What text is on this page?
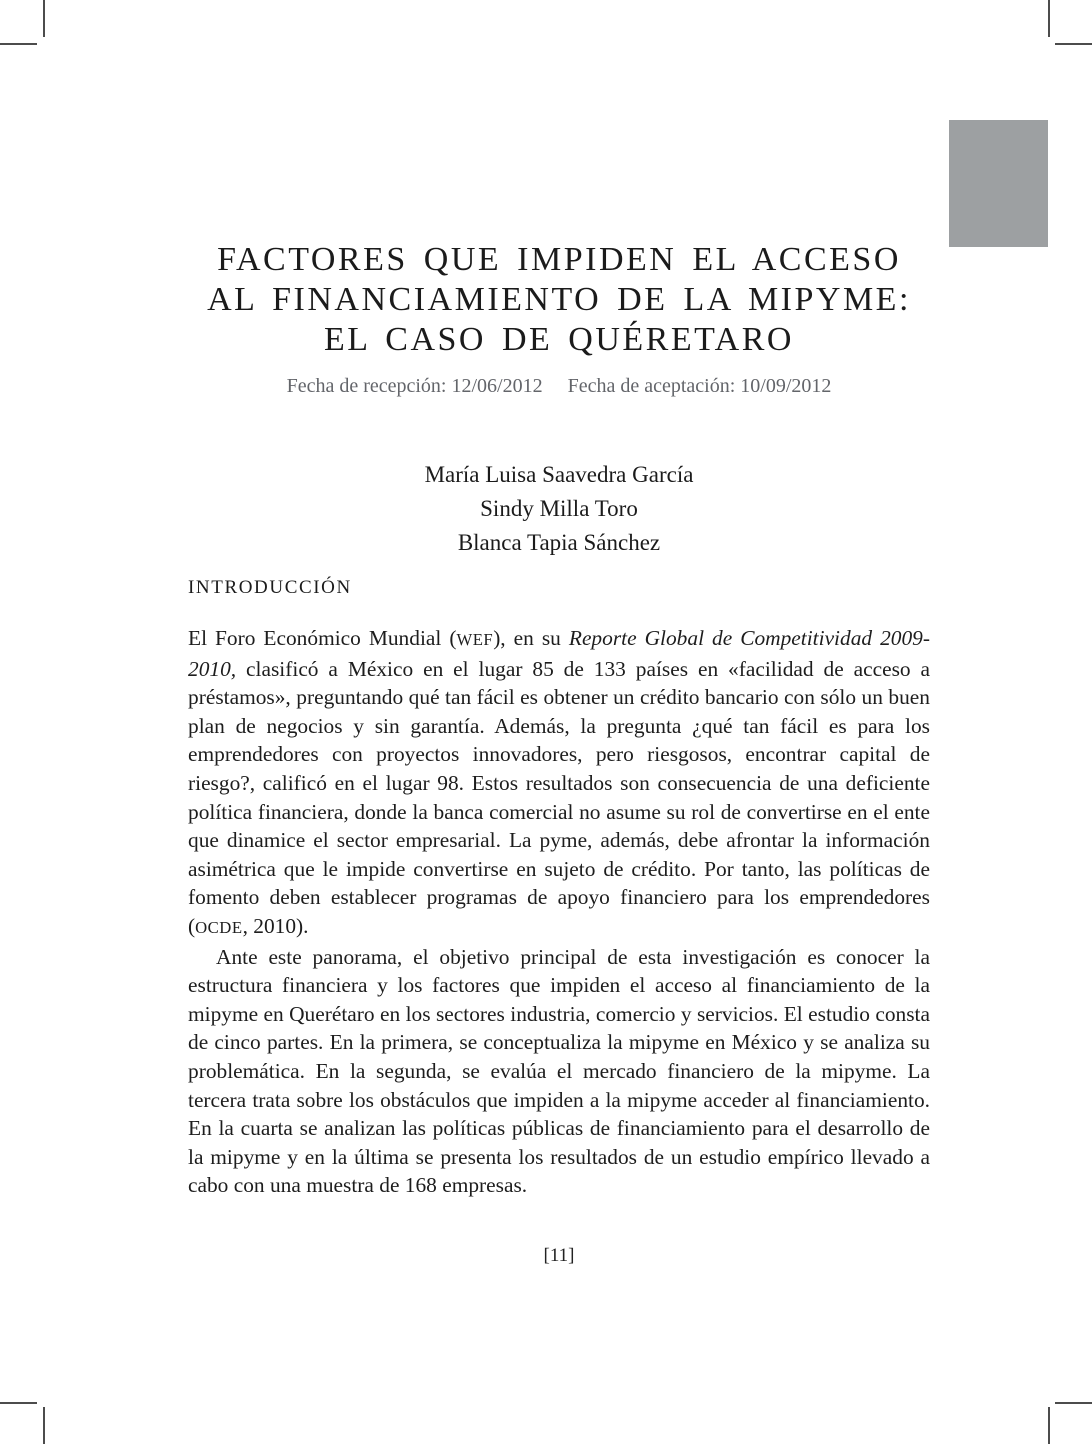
FACTORES QUE IMPIDEN EL ACCESO
AL FINANCIAMIENTO DE LA MIPYME:
EL CASO DE QUÉRETARO

Fecha de recepción: 12/06/2012 Fecha de aceptación: 10/09/2012

María Luisa Saavedra García
Sindy Milla Toro
Blanca Tapia Sánchez
INTRODUCCIÓN

El Foro Económico Mundial (WEF), en su Reporte Global de Competitividad 2009-2010, clasificó a México en el lugar 85 de 133 países en «facilidad de acceso a préstamos», preguntando qué tan fácil es obtener un crédito bancario con sólo un buen plan de negocios y sin garantía. Además, la pregunta ¿qué tan fácil es para los emprendedores con proyectos innovadores, pero riesgosos, encontrar capital de riesgo?, calificó en el lugar 98. Estos resultados son consecuencia de una deficiente política financiera, donde la banca comercial no asume su rol de convertirse en el ente que dinamice el sector empresarial. La pyme, además, debe afrontar la información asimétrica que le impide convertirse en sujeto de crédito. Por tanto, las políticas de fomento deben establecer programas de apoyo financiero para los emprendedores (OCDE, 2010).

Ante este panorama, el objetivo principal de esta investigación es conocer la estructura financiera y los factores que impiden el acceso al financiamiento de la mipyme en Querétaro en los sectores industria, comercio y servicios. El estudio consta de cinco partes. En la primera, se conceptualiza la mipyme en México y se analiza su problemática. En la segunda, se evalúa el mercado financiero de la mipyme. La tercera trata sobre los obstáculos que impiden a la mipyme acceder al financiamiento. En la cuarta se analizan las políticas públicas de financiamiento para el desarrollo de la mipyme y en la última se presenta los resultados de un estudio empírico llevado a cabo con una muestra de 168 empresas.

[11]
